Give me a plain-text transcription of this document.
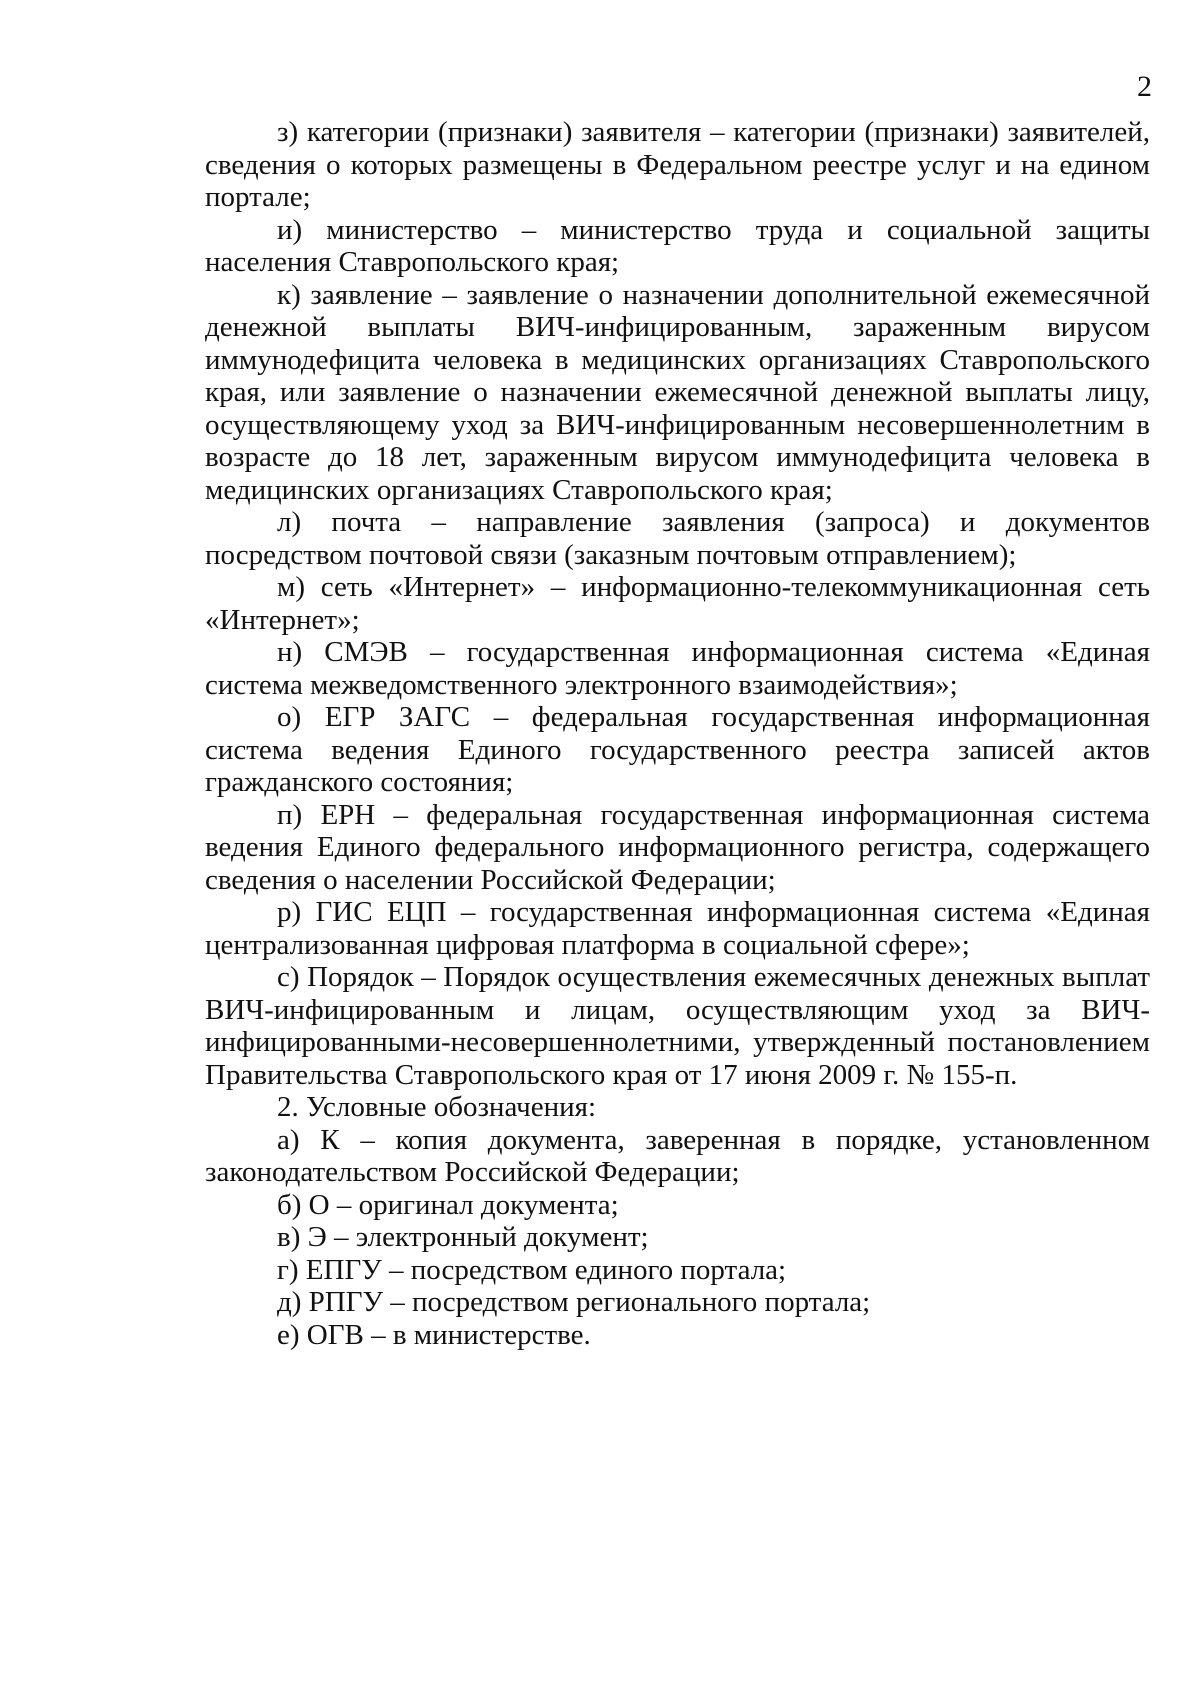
2

з) категории (признаки) заявителя – категории (признаки) заявителей, сведения о которых размещены в Федеральном реестре услуг и на едином портале;

и) министерство – министерство труда и социальной защиты населения Ставропольского края;

к) заявление – заявление о назначении дополнительной ежемесячной денежной выплаты ВИЧ-инфицированным, зараженным вирусом иммунодефицита человека в медицинских организациях Ставропольского края, или заявление о назначении ежемесячной денежной выплаты лицу, осуществляющему уход за ВИЧ-инфицированным несовершеннолетним в возрасте до 18 лет, зараженным вирусом иммунодефицита человека в медицинских организациях Ставропольского края;

л) почта – направление заявления (запроса) и документов посредством почтовой связи (заказным почтовым отправлением);

м) сеть «Интернет» – информационно-телекоммуникационная сеть «Интернет»;

н) СМЭВ – государственная информационная система «Единая система межведомственного электронного взаимодействия»;

о) ЕГР ЗАГС – федеральная государственная информационная система ведения Единого государственного реестра записей актов гражданского состояния;

п) ЕРН – федеральная государственная информационная система ведения Единого федерального информационного регистра, содержащего сведения о населении Российской Федерации;

р) ГИС ЕЦП – государственная информационная система «Единая централизованная цифровая платформа в социальной сфере»;

с) Порядок – Порядок осуществления ежемесячных денежных выплат ВИЧ-инфицированным и лицам, осуществляющим уход за ВИЧ-инфицированными-несовершеннолетними, утвержденный постановлением Правительства Ставропольского края от 17 июня 2009 г. № 155-п.

2. Условные обозначения:

а) К – копия документа, заверенная в порядке, установленном законодательством Российской Федерации;

б) О – оригинал документа;

в) Э – электронный документ;

г) ЕПГУ – посредством единого портала;

д) РПГУ – посредством регионального портала;

е) ОГВ – в министерстве.
